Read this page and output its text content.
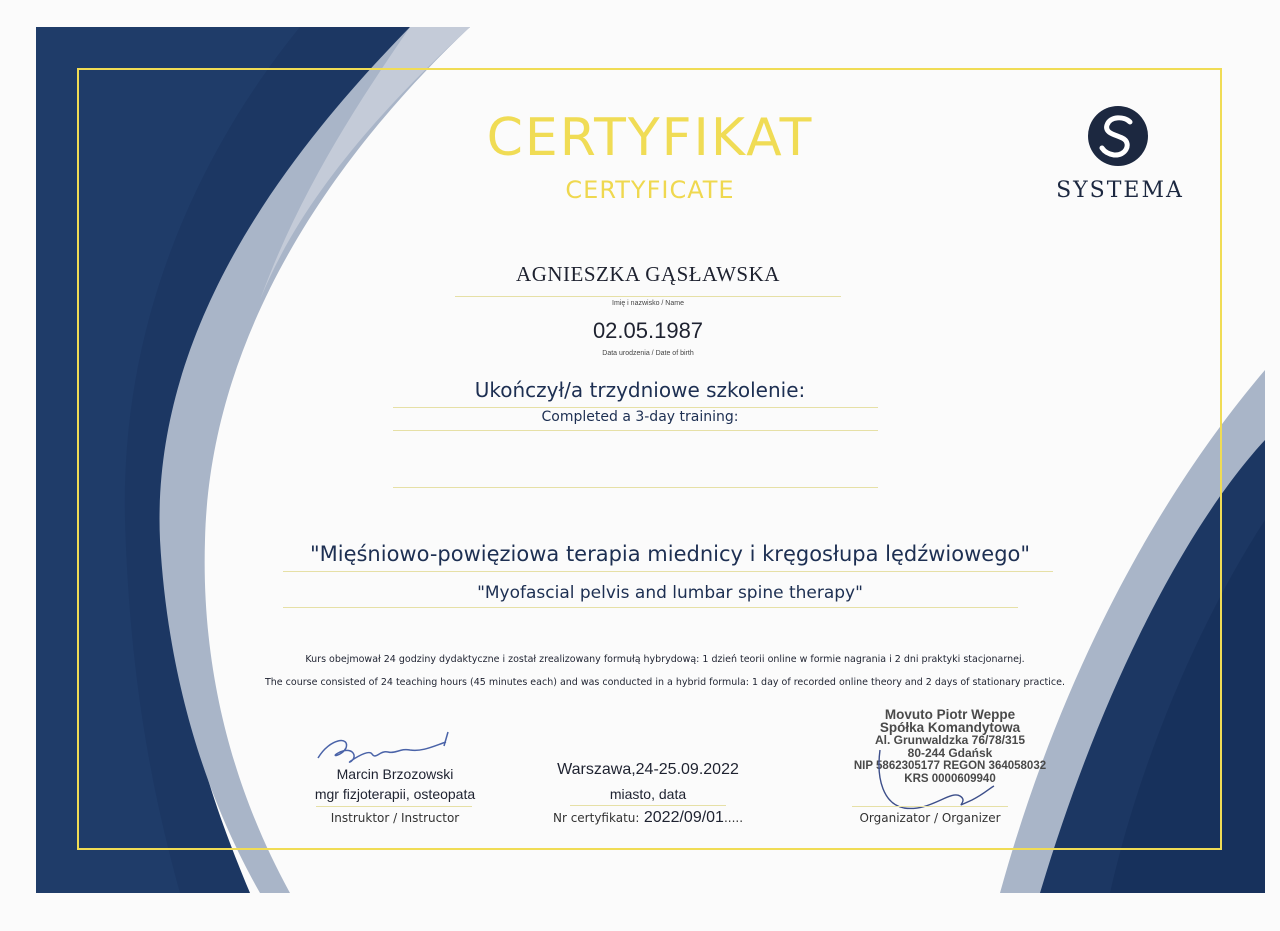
CERTYFIKAT
CERTYFICATE	SYSTEMA
AGNIESZKA GĄSŁAWSKA
Imię i nazwisko / Name
02.05.1987
Data urodzenia / Date of birth
Ukończył/a trzydniowe szkolenie:
Completed a 3-day training:
"Mięśniowo-powięziowa terapia miednicy i kręgosłupa lędźwiowego"
"Myofascial pelvis and lumbar spine therapy"
Kurs obejmował 24 godziny dydaktyczne i został zrealizowany formułą hybrydową: 1 dzień teorii online w formie nagrania i 2 dni praktyki stacjonarnej.
The course consisted of 24 teaching hours (45 minutes each) and was conducted in a hybrid formula: 1 day of recorded online theory and 2 days of stationary practice.
Marcin Brzozowski
mgr fizjoterapii, osteopata
Instruktor / Instructor
Warszawa,24-25.09.2022
miasto, data
Nr certyfikatu: 2022/09/01.....
Movuto Piotr Weppe
Spółka Komandytowa
Al. Grunwaldzka 76/78/315
80-244 Gdańsk
NIP 5862305177 REGON 364058032
KRS 0000609940
Organizator / Organizer
